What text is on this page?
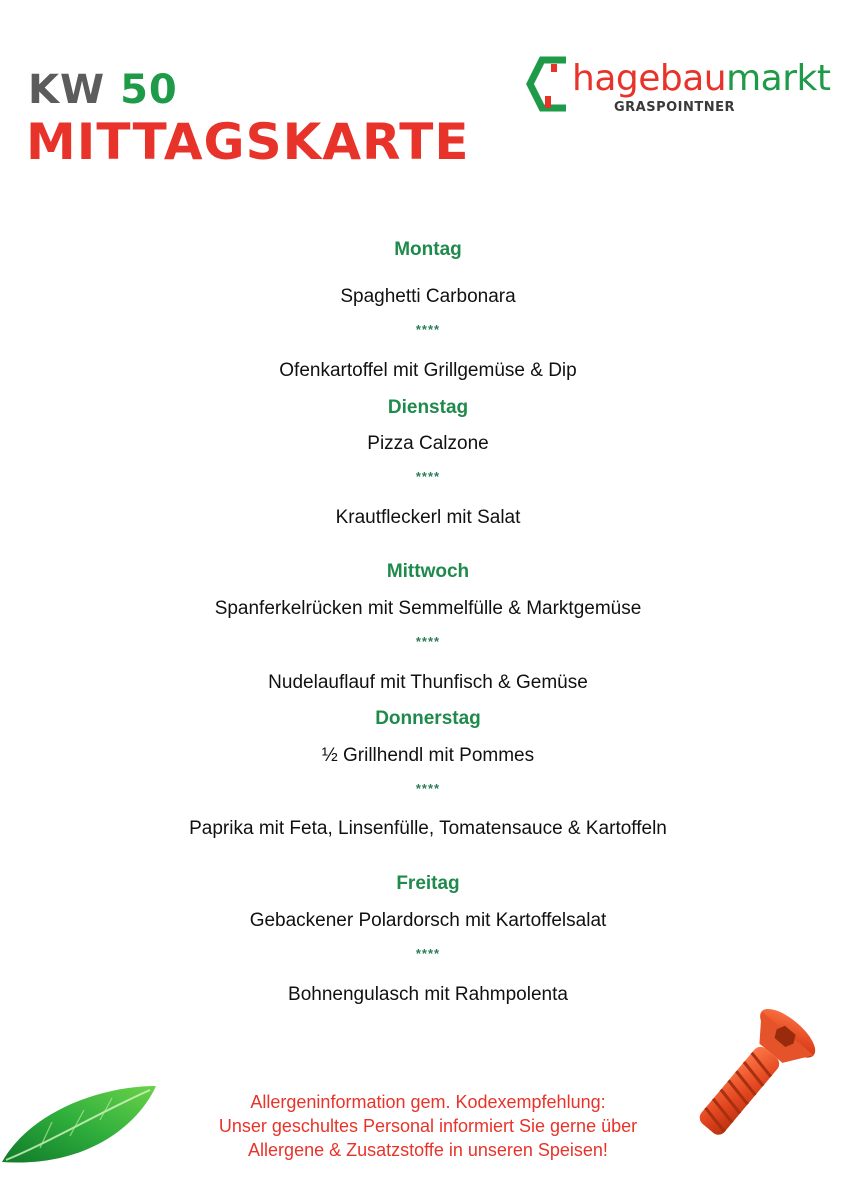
KW 50
MITTAGSKARTE
hagebaumarkt
GRASPOINTNER
Montag
Spaghetti Carbonara
****
Ofenkartoffel mit Grillgemüse & Dip
Dienstag
Pizza Calzone
****
Krautfleckerl mit Salat
Mittwoch
Spanferkelrücken mit Semmelfülle & Marktgemüse
****
Nudelauflauf mit Thunfisch & Gemüse
Donnerstag
½ Grillhendl mit Pommes
****
Paprika mit Feta, Linsenfülle, Tomatensauce & Kartoffeln
Freitag
Gebackener Polardorsch mit Kartoffelsalat
****
Bohnengulasch mit Rahmpolenta
Allergeninformation gem. Kodexempfehlung:
Unser geschultes Personal informiert Sie gerne über
Allergene & Zusatzstoffe in unseren Speisen!
